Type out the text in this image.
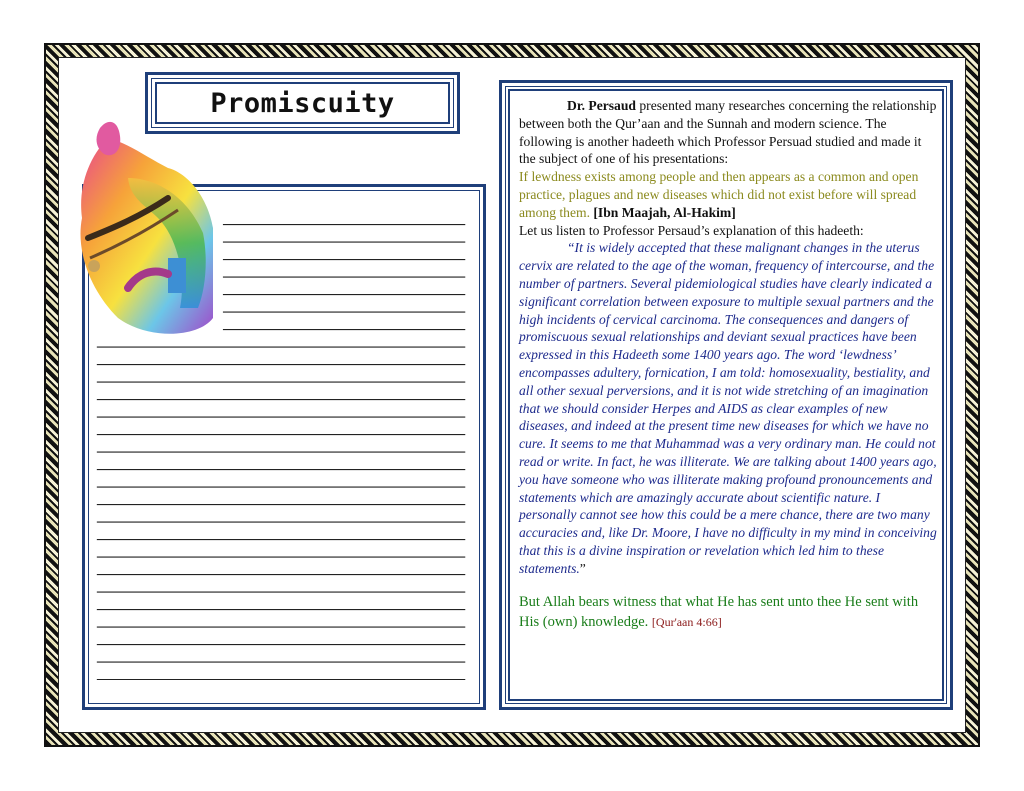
Promiscuity	Dr. Persaud presented many researches concerning the relationship between both the Qur’aan and the Sunnah and modern science. The following is another hadeeth which Professor Persuad studied and made it the subject of one of his presentations:

If lewdness exists among people and then appears as a common and open practice, plagues and new diseases which did not exist before will spread among them. [Ibn Maajah, Al-Hakim]

Let us listen to Professor Persaud’s explanation of this hadeeth:

“It is widely accepted that these malignant changes in the uterus cervix are related to the age of the woman, frequency of intercourse, and the number of partners. Several pidemiological studies have clearly indicated a significant correlation between exposure to multiple sexual partners and the high incidents of cervical carcinoma. The consequences and dangers of promiscuous sexual relationships and deviant sexual practices have been expressed in this Hadeeth some 1400 years ago. The word ‘lewdness’ encompasses adultery, fornication, I am told: homosexuality, bestiality, and all other sexual perversions, and it is not wide stretching of an imagination that we should consider Herpes and AIDS as clear examples of new diseases, and indeed at the present time new diseases for which we have no cure. It seems to me that Muhammad was a very ordinary man. He could not read or write. In fact, he was illiterate. We are talking about 1400 years ago, you have someone who was illiterate making profound pronouncements and statements which are amazingly accurate about scientific nature. I personally cannot see how this could be a mere chance, there are two many accuracies and, like Dr. Moore, I have no difficulty in my mind in conceiving that this is a divine inspiration or revelation which led him to these statements.”

But Allah bears witness that what He has sent unto thee He sent with His (own) knowledge. [Qur'aan 4:66]
